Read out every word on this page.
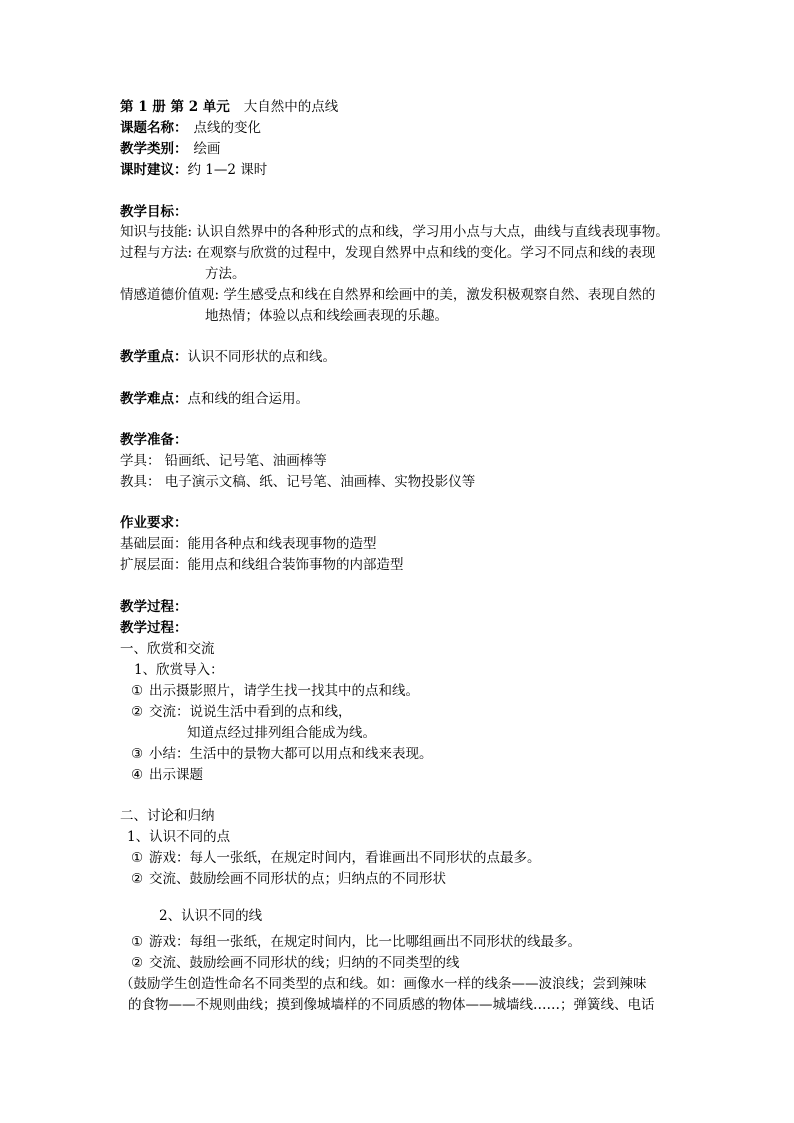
第 1 册 第 2 单元 大自然中的点线
课题名称： 点线的变化
教学类别： 绘画
课时建议：约 1—2 课时
教学目标：
知识与技能: 认识自然界中的各种形式的点和线，学习用小点与大点，曲线与直线表现事物。
过程与方法: 在观察与欣赏的过程中，发现自然界中点和线的变化。学习不同点和线的表现
方法。
情感道德价值观: 学生感受点和线在自然界和绘画中的美，激发积极观察自然、表现自然的
地热情；体验以点和线绘画表现的乐趣。
教学重点：认识不同形状的点和线。
教学难点：点和线的组合运用。
教学准备：
学具： 铅画纸、记号笔、油画棒等
教具： 电子演示文稿、纸、记号笔、油画棒、实物投影仪等
作业要求：
基础层面：能用各种点和线表现事物的造型
扩展层面：能用点和线组合装饰事物的内部造型
教学过程：
教学过程：
一、欣赏和交流
1、欣赏导入：
① 出示摄影照片，请学生找一找其中的点和线。
② 交流：说说生活中看到的点和线，
知道点经过排列组合能成为线。
③ 小结：生活中的景物大都可以用点和线来表现。
④ 出示课题
二、讨论和归纳
1、认识不同的点
① 游戏：每人一张纸，在规定时间内，看谁画出不同形状的点最多。
② 交流、鼓励绘画不同形状的点；归纳点的不同形状
2、认识不同的线
① 游戏：每组一张纸，在规定时间内，比一比哪组画出不同形状的线最多。
② 交流、鼓励绘画不同形状的线；归纳的不同类型的线
（鼓励学生创造性命名不同类型的点和线。如：画像水一样的线条——波浪线；尝到辣味
的食物——不规则曲线；摸到像城墙样的不同质感的物体——城墙线……；弹簧线、电话
